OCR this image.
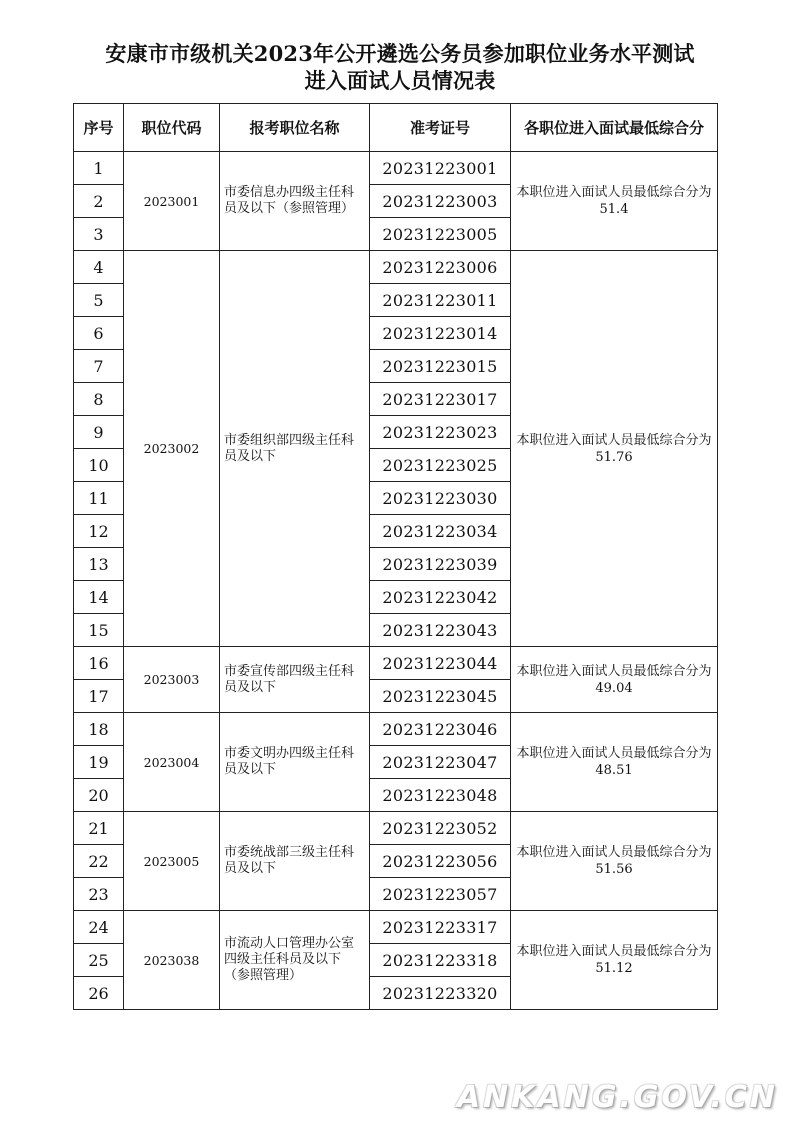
安康市市级机关2023年公开遴选公务员参加职位业务水平测试
进入面试人员情况表
序号	职位代码	报考职位名称	准考证号	各职位进入面试最低综合分
1	2023001	市委信息办四级主任科员及以下（参照管理）	20231223001	本职位进入面试人员最低综合分为51.4
2			20231223003	
3			20231223005	
4	2023002	市委组织部四级主任科员及以下	20231223006	本职位进入面试人员最低综合分为51.76
5			20231223011	
6			20231223014	
7			20231223015	
8			20231223017	
9			20231223023	
10			20231223025	
11			20231223030	
12			20231223034	
13			20231223039	
14			20231223042	
15			20231223043	
16	2023003	市委宣传部四级主任科员及以下	20231223044	本职位进入面试人员最低综合分为49.04
17			20231223045	
18	2023004	市委文明办四级主任科员及以下	20231223046	本职位进入面试人员最低综合分为48.51
19			20231223047	
20			20231223048	
21	2023005	市委统战部三级主任科员及以下	20231223052	本职位进入面试人员最低综合分为51.56
22			20231223056	
23			20231223057	
24	2023038	市流动人口管理办公室四级主任科员及以下（参照管理）	20231223317	本职位进入面试人员最低综合分为51.12
25			20231223318	
26			20231223320	
ANKANG.GOV.CN
